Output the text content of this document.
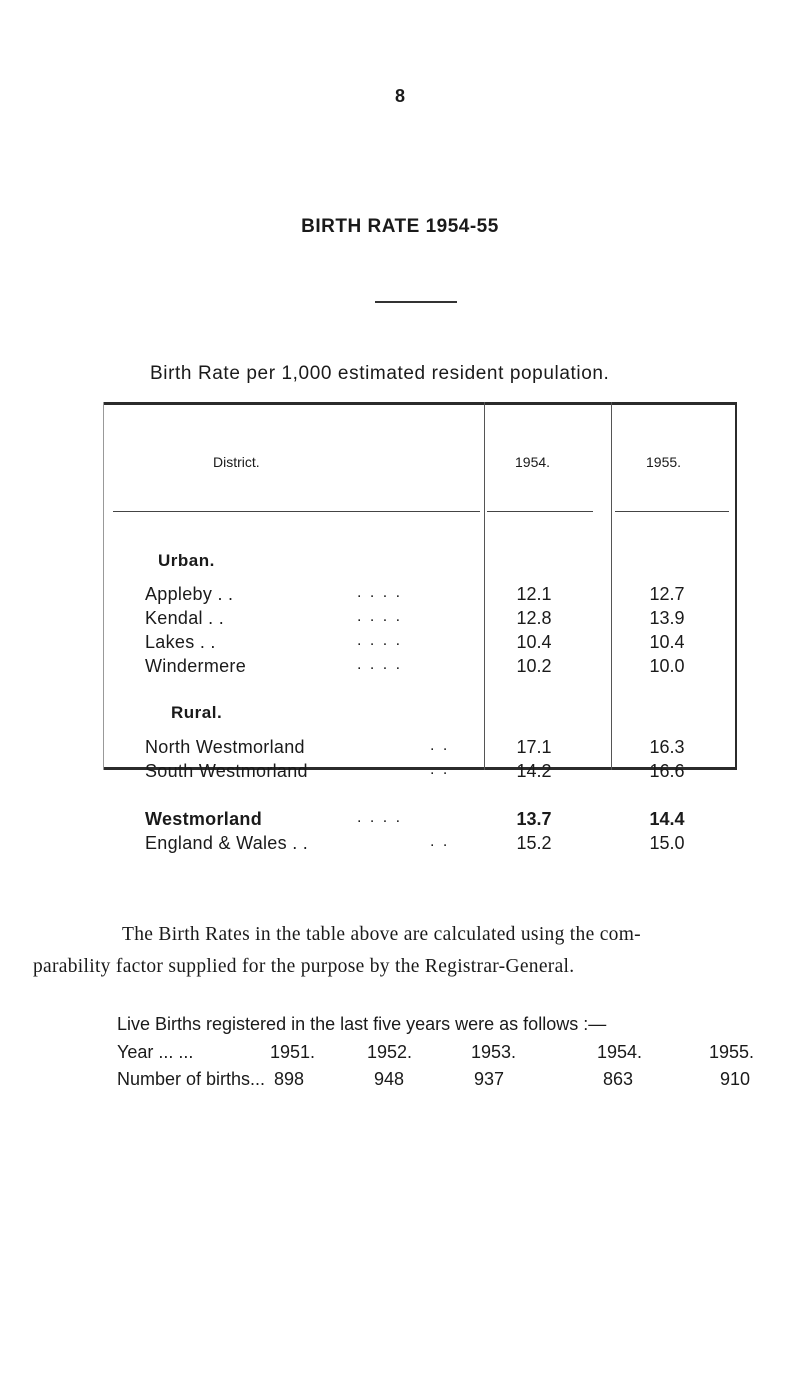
8
BIRTH RATE 1954-55
Birth Rate per 1,000 estimated resident population.
District.	1954.	1955.
Urban.
Appleby . .	. . . .	12.1	12.7
Kendal . .	. . . .	12.8	13.9
Lakes . .	. . . .	10.4	10.4
Windermere	. . . .	10.2	10.0
Rural.
North Westmorland	. .	17.1	16.3
South Westmorland	. .	14.2	16.6
Westmorland	. . . .	13.7	14.4
England & Wales . .	. .	15.2	15.0
The Birth Rates in the table above are calculated using the com-
parability factor supplied for the purpose by the Registrar-General.
Live Births registered in the last five years were as follows :—
Year ... ...	1951.	1952.	1953.	1954.	1955.
Number of births... 898	948	937	863	910
